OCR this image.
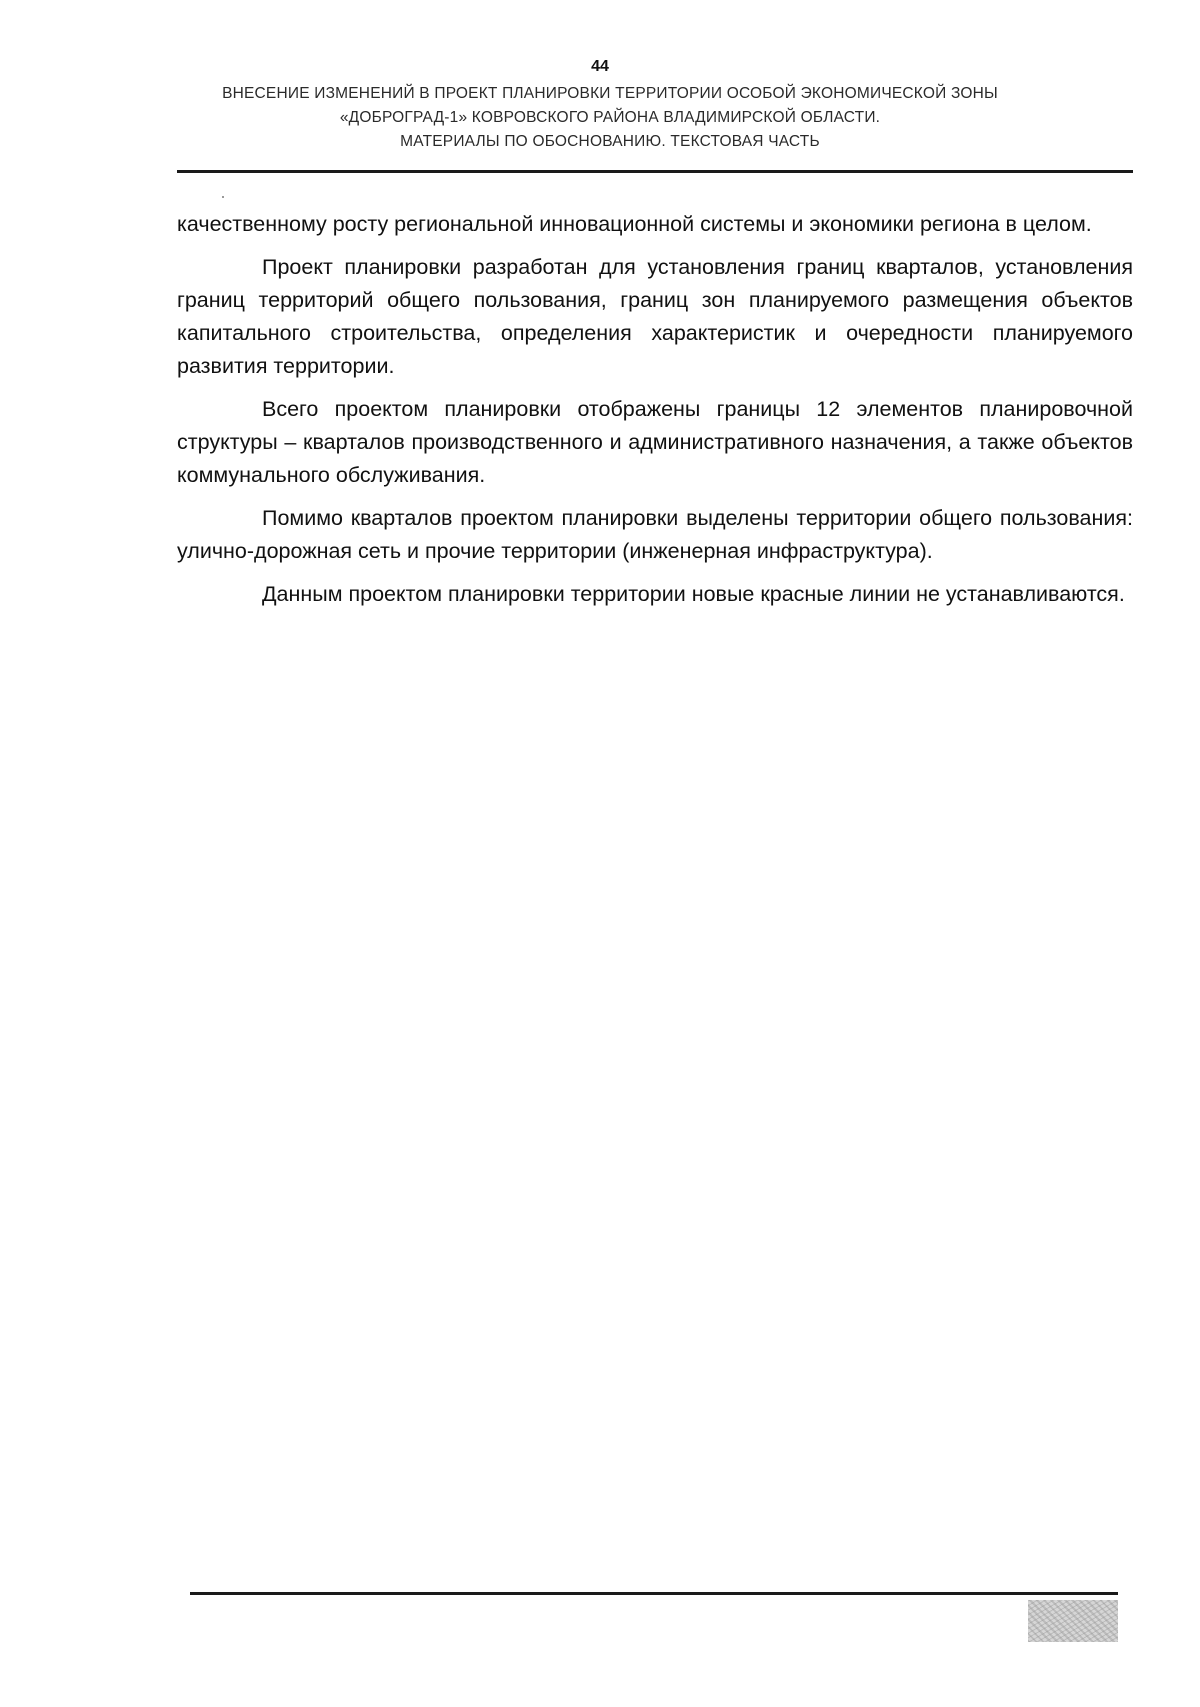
44
ВНЕСЕНИЕ ИЗМЕНЕНИЙ В ПРОЕКТ ПЛАНИРОВКИ ТЕРРИТОРИИ ОСОБОЙ ЭКОНОМИЧЕСКОЙ ЗОНЫ
«ДОБРОГРАД-1» КОВРОВСКОГО РАЙОНА ВЛАДИМИРСКОЙ ОБЛАСТИ.
МАТЕРИАЛЫ ПО ОБОСНОВАНИЮ. ТЕКСТОВАЯ ЧАСТЬ

качественному росту региональной инновационной системы и экономики региона в целом.

Проект планировки разработан для установления границ кварталов, установления границ территорий общего пользования, границ зон планируемого размещения объектов капитального строительства, определения характеристик и очередности планируемого развития территории.

Всего проектом планировки отображены границы 12 элементов планировочной структуры – кварталов производственного и административного назначения, а также объектов коммунального обслуживания.

Помимо кварталов проектом планировки выделены территории общего пользования: улично-дорожная сеть и прочие территории (инженерная инфраструктура).

Данным проектом планировки территории новые красные линии не устанавливаются.
